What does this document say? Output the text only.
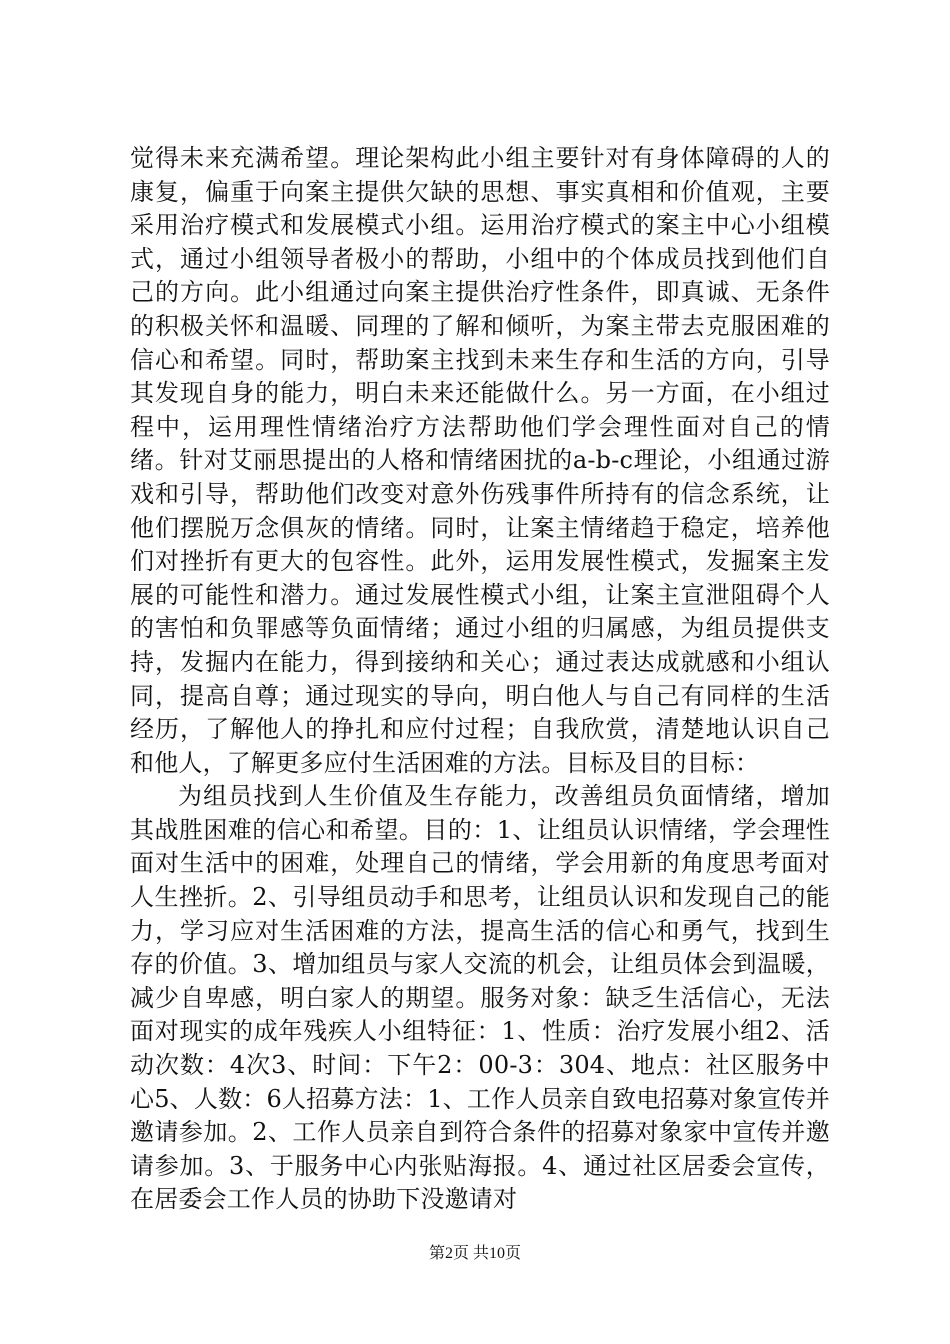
觉得未来充满希望。理论架构此小组主要针对有身体障碍的人的康复，偏重于向案主提供欠缺的思想、事实真相和价值观，主要采用治疗模式和发展模式小组。运用治疗模式的案主中心小组模式，通过小组领导者极小的帮助，小组中的个体成员找到他们自己的方向。此小组通过向案主提供治疗性条件，即真诚、无条件的积极关怀和温暖、同理的了解和倾听，为案主带去克服困难的信心和希望。同时，帮助案主找到未来生存和生活的方向，引导其发现自身的能力，明白未来还能做什么。另一方面，在小组过程中，运用理性情绪治疗方法帮助他们学会理性面对自己的情绪。针对艾丽思提出的人格和情绪困扰的a-b-c理论，小组通过游戏和引导，帮助他们改变对意外伤残事件所持有的信念系统，让他们摆脱万念俱灰的情绪。同时，让案主情绪趋于稳定，培养他们对挫折有更大的包容性。此外，运用发展性模式，发掘案主发展的可能性和潜力。通过发展性模式小组，让案主宣泄阻碍个人的害怕和负罪感等负面情绪；通过小组的归属感，为组员提供支持，发掘内在能力，得到接纳和关心；通过表达成就感和小组认同，提高自尊；通过现实的导向，明白他人与自己有同样的生活经历，了解他人的挣扎和应付过程；自我欣赏，清楚地认识自己和他人，了解更多应付生活困难的方法。目标及目的目标：

为组员找到人生价值及生存能力，改善组员负面情绪，增加其战胜困难的信心和希望。目的：1、让组员认识情绪，学会理性面对生活中的困难，处理自己的情绪，学会用新的角度思考面对人生挫折。2、引导组员动手和思考，让组员认识和发现自己的能力，学习应对生活困难的方法，提高生活的信心和勇气，找到生存的价值。3、增加组员与家人交流的机会，让组员体会到温暖，减少自卑感，明白家人的期望。服务对象：缺乏生活信心，无法面对现实的成年残疾人小组特征：1、性质：治疗发展小组2、活动次数：4次3、时间：下午2：00-3：304、地点：社区服务中心5、人数：6人招募方法：1、工作人员亲自致电招募对象宣传并邀请参加。2、工作人员亲自到符合条件的招募对象家中宣传并邀请参加。3、于服务中心内张贴海报。4、通过社区居委会宣传，在居委会工作人员的协助下没邀请对

第2页 共10页
